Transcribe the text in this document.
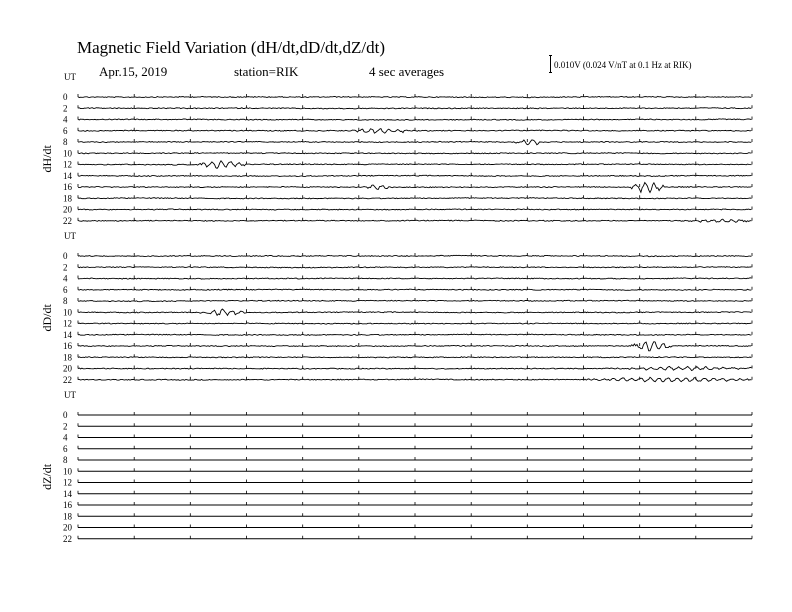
UT
dH/dt
0
2
4
6
8
10
12
14
16
18
20
22
UT
dD/dt
0
2
4
6
8
10
12
14
16
18
20
22
UT
dZ/dt
0
2
4
6
8
10
12
14
16
18
20
22
Magnetic Field Variation (dH/dt,dD/dt,dZ/dt)
Apr.15, 2019	station=RIK	4 sec averages	0.010V (0.024 V/nT at 0.1 Hz at RIK)
